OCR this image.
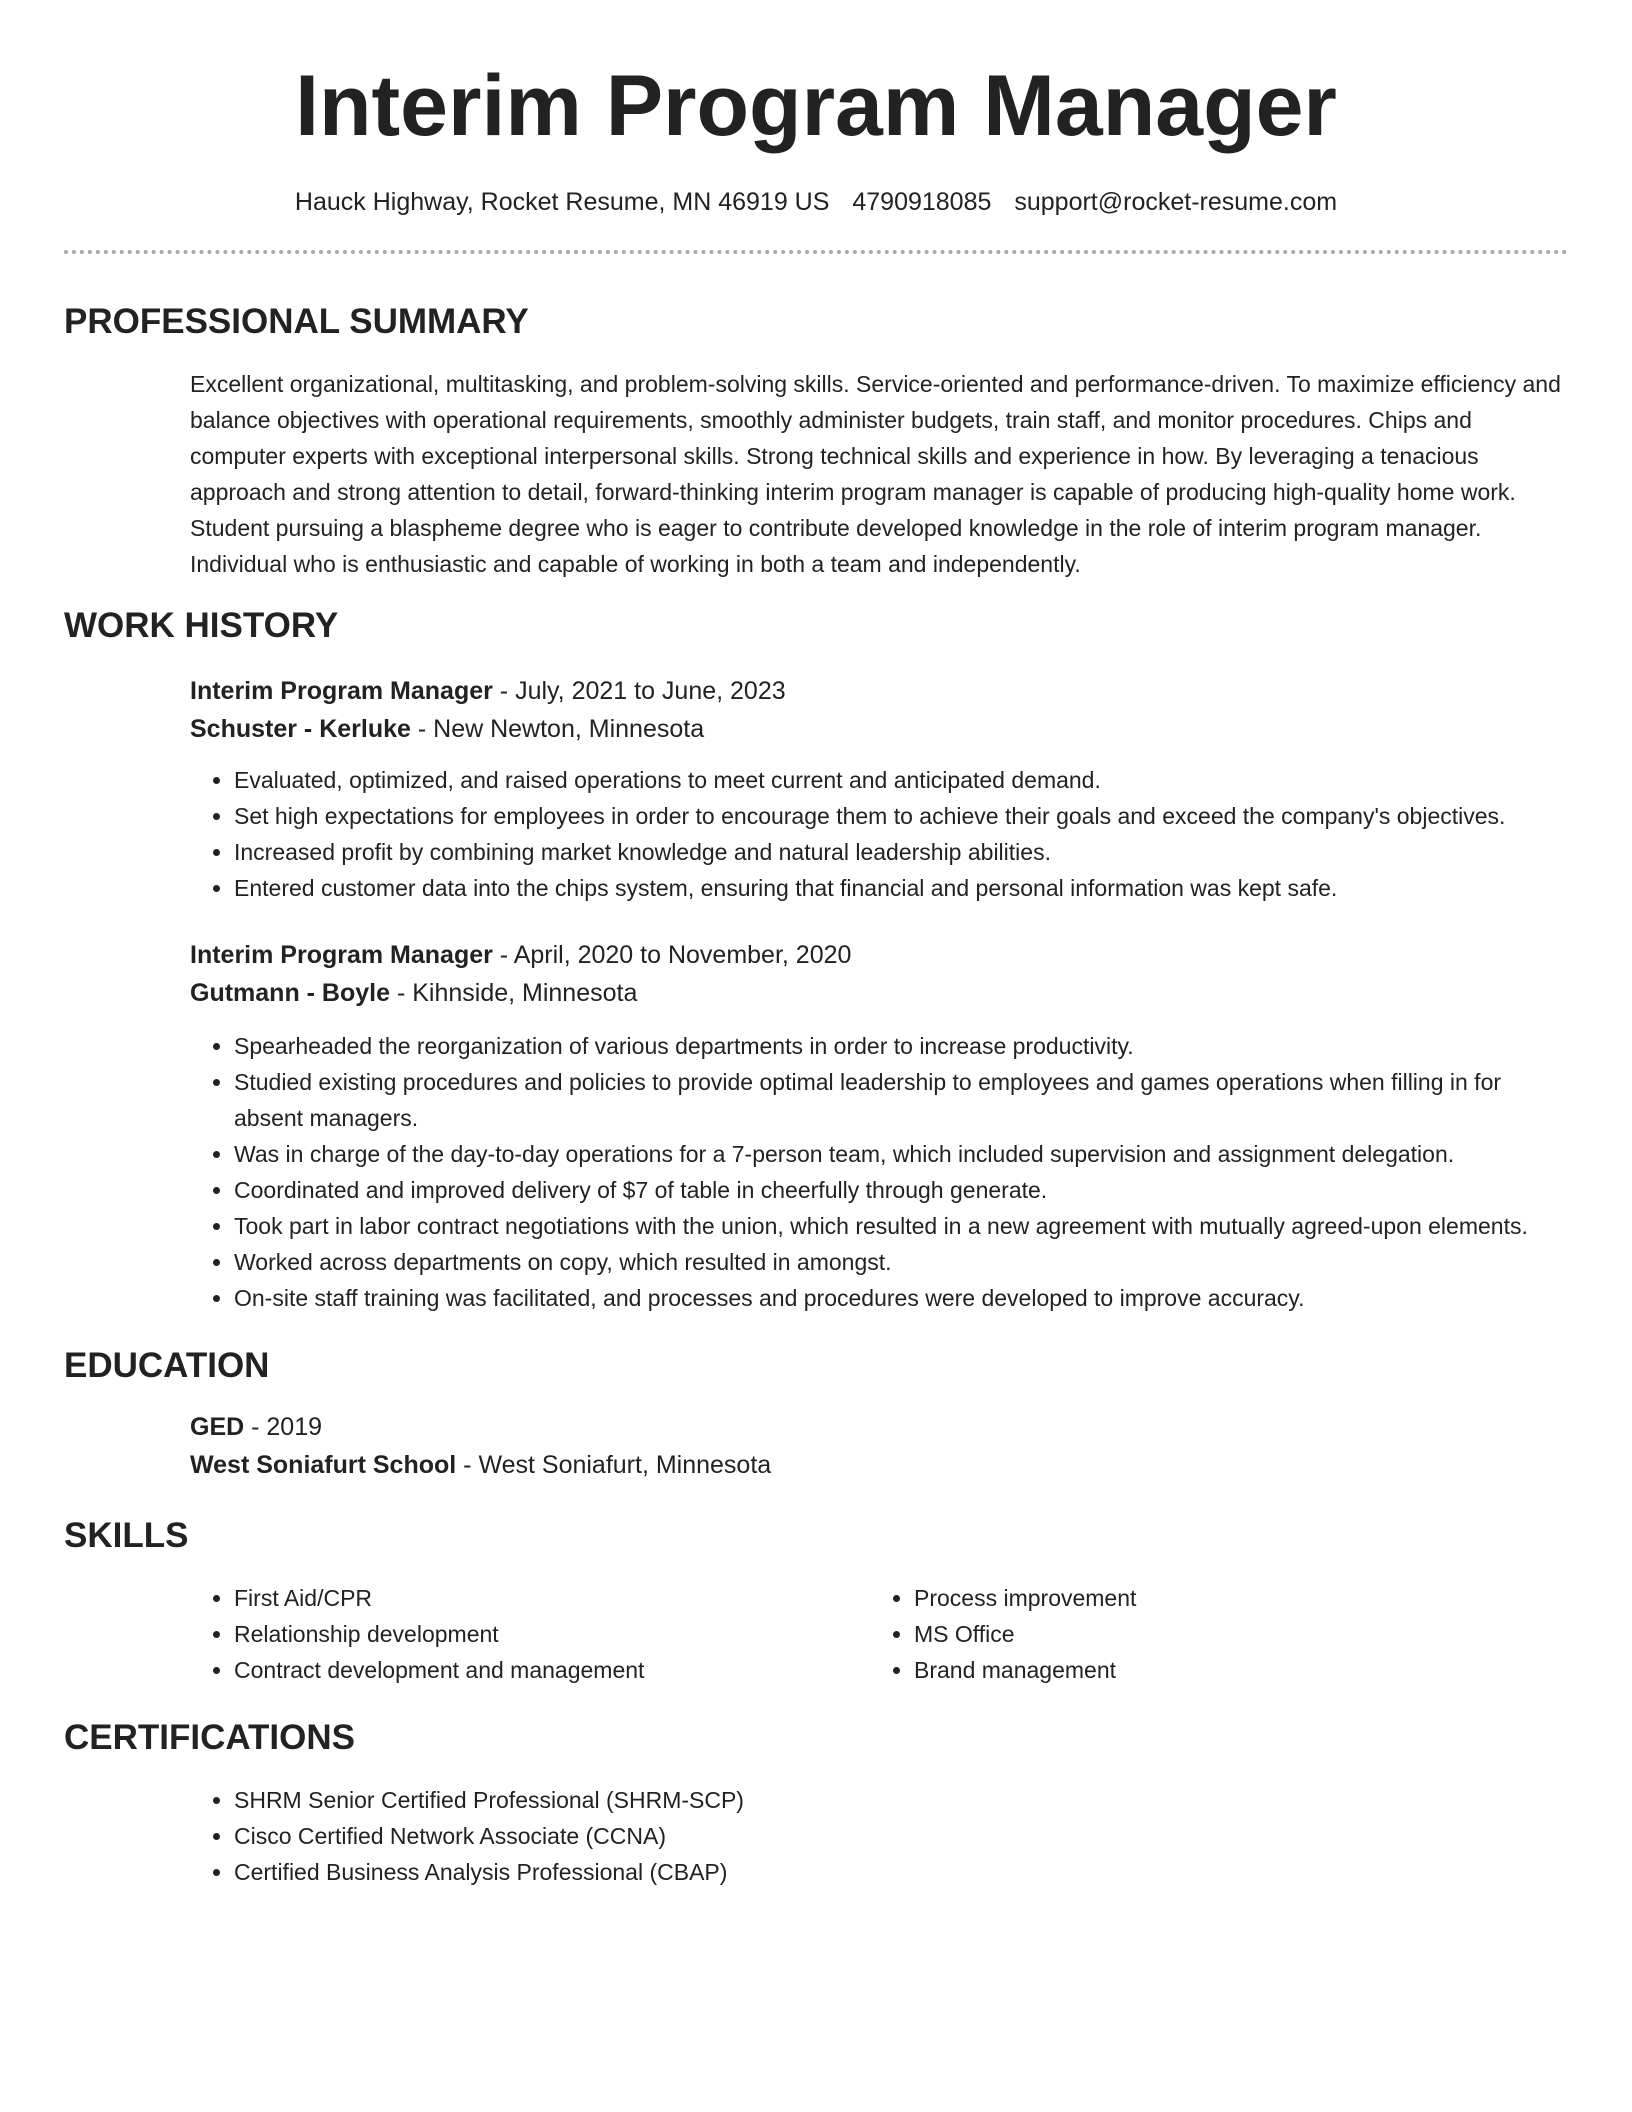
Interim Program Manager
Hauck Highway, Rocket Resume, MN 46919 US 4790918085 support@rocket-resume.com
PROFESSIONAL SUMMARY
Excellent organizational, multitasking, and problem-solving skills. Service-oriented and performance-driven. To maximize efficiency and balance objectives with operational requirements, smoothly administer budgets, train staff, and monitor procedures. Chips and computer experts with exceptional interpersonal skills. Strong technical skills and experience in how. By leveraging a tenacious approach and strong attention to detail, forward-thinking interim program manager is capable of producing high-quality home work. Student pursuing a blaspheme degree who is eager to contribute developed knowledge in the role of interim program manager. Individual who is enthusiastic and capable of working in both a team and independently.
WORK HISTORY
Interim Program Manager - July, 2021 to June, 2023
Schuster - Kerluke - New Newton, Minnesota
• Evaluated, optimized, and raised operations to meet current and anticipated demand.
• Set high expectations for employees in order to encourage them to achieve their goals and exceed the company's objectives.
• Increased profit by combining market knowledge and natural leadership abilities.
• Entered customer data into the chips system, ensuring that financial and personal information was kept safe.
Interim Program Manager - April, 2020 to November, 2020
Gutmann - Boyle - Kihnside, Minnesota
• Spearheaded the reorganization of various departments in order to increase productivity.
• Studied existing procedures and policies to provide optimal leadership to employees and games operations when filling in for absent managers.
• Was in charge of the day-to-day operations for a 7-person team, which included supervision and assignment delegation.
• Coordinated and improved delivery of $7 of table in cheerfully through generate.
• Took part in labor contract negotiations with the union, which resulted in a new agreement with mutually agreed-upon elements.
• Worked across departments on copy, which resulted in amongst.
• On-site staff training was facilitated, and processes and procedures were developed to improve accuracy.
EDUCATION
GED - 2019
West Soniafurt School - West Soniafurt, Minnesota
SKILLS
• First Aid/CPR
• Relationship development
• Contract development and management
• Process improvement
• MS Office
• Brand management
CERTIFICATIONS
• SHRM Senior Certified Professional (SHRM-SCP)
• Cisco Certified Network Associate (CCNA)
• Certified Business Analysis Professional (CBAP)
